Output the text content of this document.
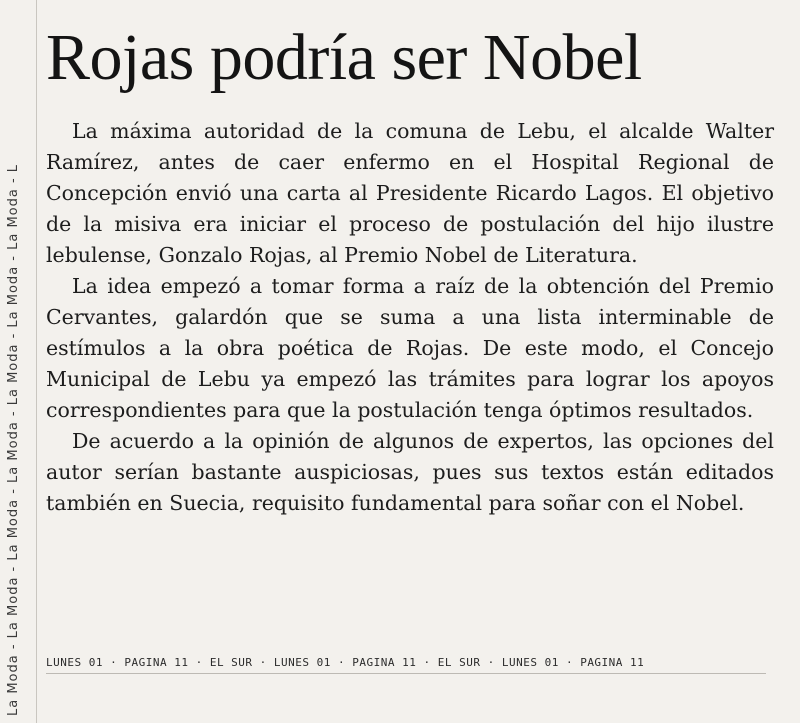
La Moda - La Moda - La Moda - La Moda - La Moda - La Moda - La Moda - L
Rojas podría ser Nobel

La máxima autoridad de la comuna de Lebu, el alcalde Walter Ramírez, antes de caer enfermo en el Hospital Regional de Concepción envió una carta al Presidente Ricardo Lagos. El objetivo de la misiva era iniciar el proceso de postulación del hijo ilustre lebulense, Gonzalo Rojas, al Premio Nobel de Literatura.

La idea empezó a tomar forma a raíz de la obtención del Premio Cervantes, galardón que se suma a una lista interminable de estímulos a la obra poética de Rojas. De este modo, el Concejo Municipal de Lebu ya empezó las trámites para lograr los apoyos correspondientes para que la postulación tenga óptimos resultados.

De acuerdo a la opinión de algunos de expertos, las opciones del autor serían bastante auspiciosas, pues sus textos están editados también en Suecia, requisito fundamental para soñar con el Nobel.

LUNES 01 · PAGINA 11 · EL SUR · LUNES 01 · PAGINA 11 · EL SUR · LUNES 01 · PAGINA 11
